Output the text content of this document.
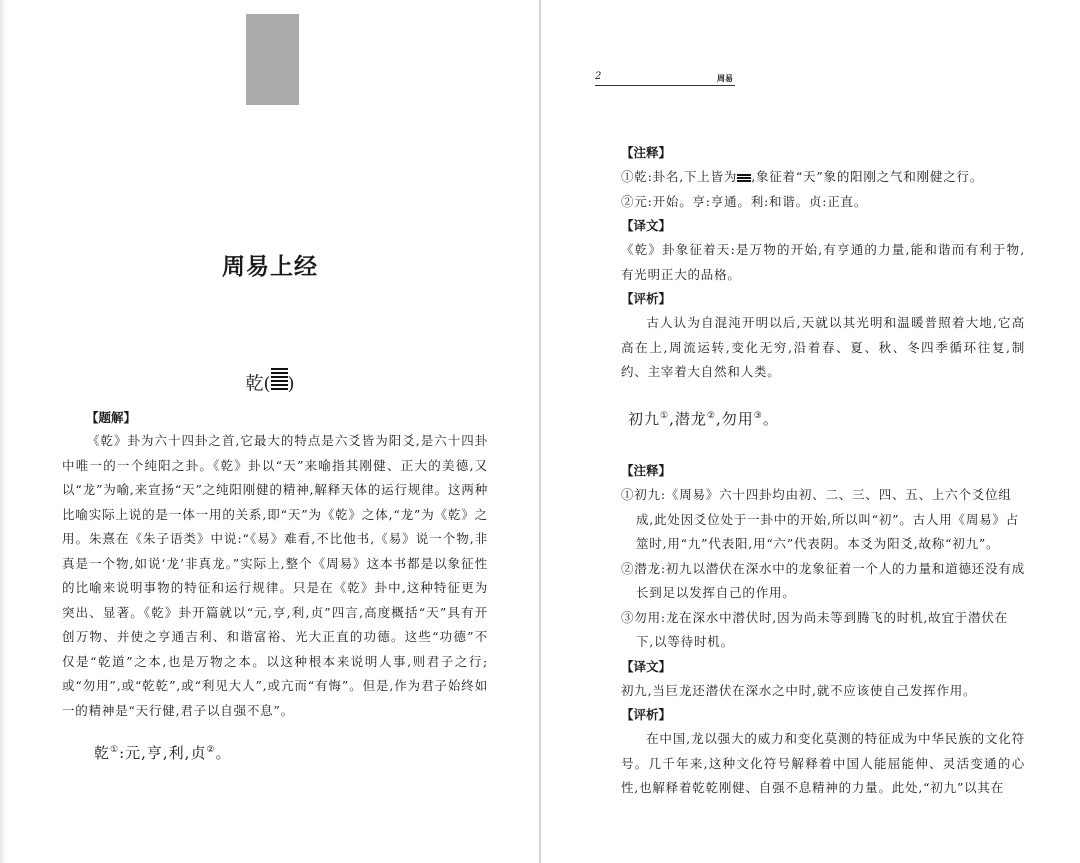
周易上经
乾( )
【题解】
《乾》卦为六十四卦之首,它最大的特点是六爻皆为阳爻,是六十四卦中唯一的一个纯阳之卦。《乾》卦以“天”来喻指其刚健、正大的美德,又以“龙”为喻,来宣扬“天”之纯阳刚健的精神,解释天体的运行规律。这两种比喻实际上说的是一体一用的关系,即“天”为《乾》之体,“龙”为《乾》之用。朱熹在《朱子语类》中说:“《易》难看,不比他书,《易》说一个物,非真是一个物,如说‘龙’非真龙。”实际上,整个《周易》这本书都是以象征性的比喻来说明事物的特征和运行规律。只是在《乾》卦中,这种特征更为突出、显著。《乾》卦开篇就以“元,亨,利,贞”四言,高度概括“天”具有开创万物、并使之亨通吉利、和谐富裕、光大正直的功德。这些“功德”不仅是“乾道”之本,也是万物之本。以这种根本来说明人事,则君子之行;或“勿用”,或“乾乾”,或“利见大人”,或亢而“有悔”。但是,作为君子始终如一的精神是“天行健,君子以自强不息”。
乾①:元,亨,利,贞②。
2	周易
【注释】
①乾:卦名,下上皆为 ,象征着“天”象的阳刚之气和刚健之行。
②元:开始。亨:亨通。利:和谐。贞:正直。
【译文】
《乾》卦象征着天:是万物的开始,有亨通的力量,能和谐而有利于物,有光明正大的品格。
【评析】
古人认为自混沌开明以后,天就以其光明和温暖普照着大地,它高高在上,周流运转,变化无穷,沿着春、夏、秋、冬四季循环往复,制约、主宰着大自然和人类。
初九①,潜龙②,勿用③。
【注释】
①初九:《周易》六十四卦均由初、二、三、四、五、上六个爻位组成,此处因爻位处于一卦中的开始,所以叫“初”。古人用《周易》占筮时,用“九”代表阳,用“六”代表阴。本爻为阳爻,故称“初九”。
②潜龙:初九以潜伏在深水中的龙象征着一个人的力量和道德还没有成长到足以发挥自己的作用。
③勿用:龙在深水中潜伏时,因为尚未等到腾飞的时机,故宜于潜伏在下,以等待时机。
【译文】
初九,当巨龙还潜伏在深水之中时,就不应该使自己发挥作用。
【评析】
在中国,龙以强大的威力和变化莫测的特征成为中华民族的文化符号。几千年来,这种文化符号解释着中国人能屈能伸、灵活变通的心性,也解释着乾乾刚健、自强不息精神的力量。此处,“初九”以其在
